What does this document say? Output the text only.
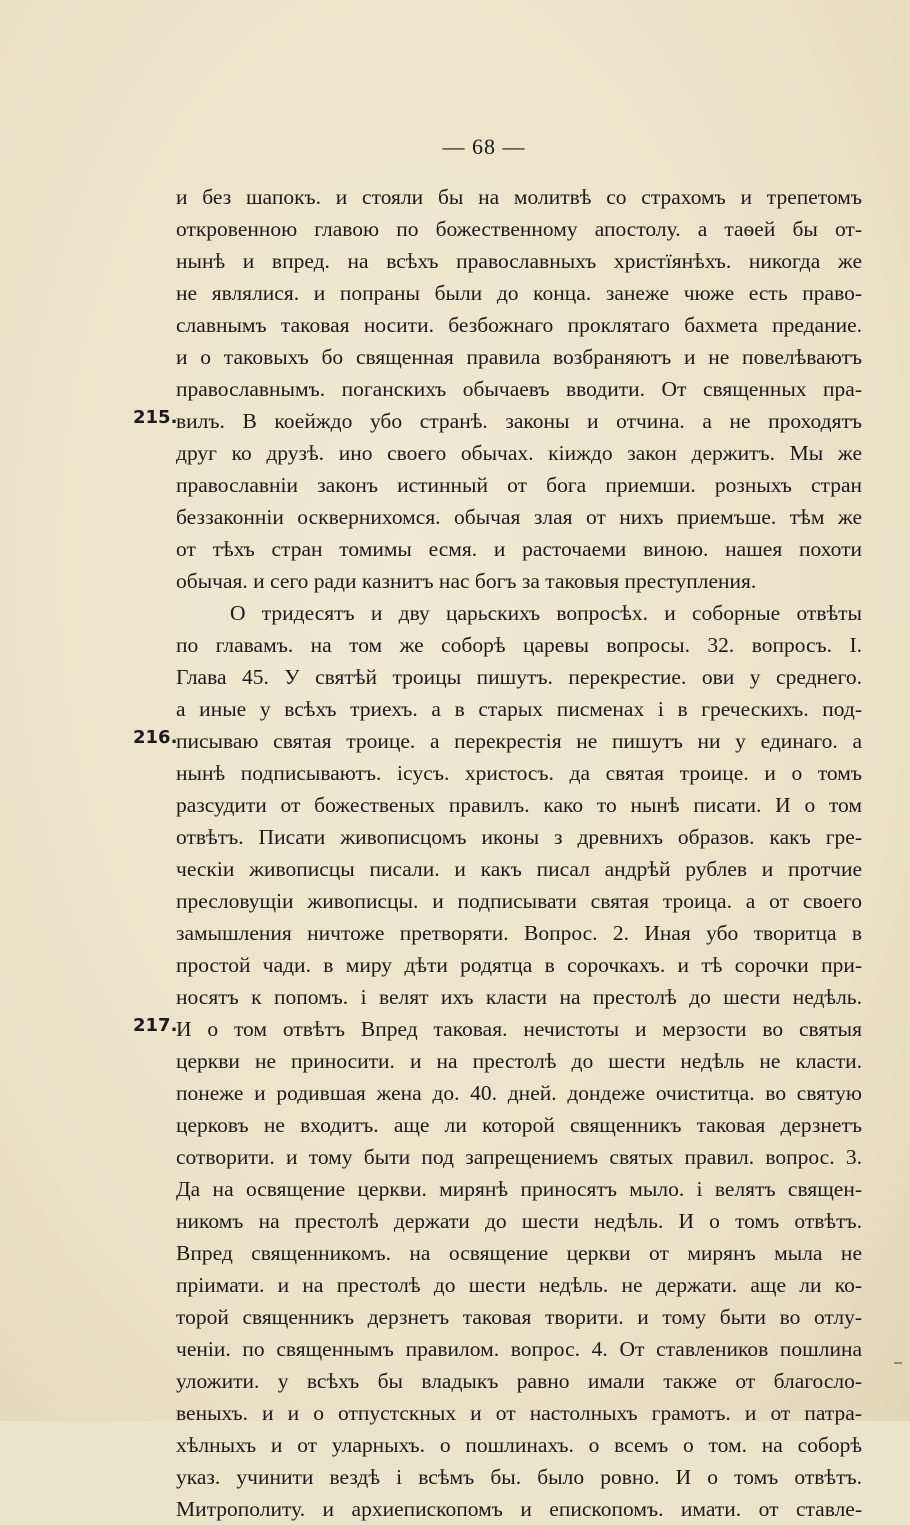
— 68 —
215.
216.
217.
и без шапокъ. и стояли бы на молитвѣ со страхомъ и трепетомъ
откровенною главою по божественному апостолу. а таѳей бы от-
нынѣ и впред. на всѣхъ православныхъ христїянѣхъ. никогда же
не являлися. и попраны были до конца. занеже чюже есть право-
славнымъ таковая носити. безбожнаго проклятаго бахмета предание.
и о таковыхъ бо священная правила возбраняютъ и не повелѣваютъ
православнымъ. поганскихъ обычаевъ вводити. От священных пра-
вилъ. В коейждо убо странѣ. законы и отчина. а не проходятъ
друг ко друзѣ. ино своего обычах. кiиждо закон держитъ. Мы же
православнiи законъ истинный от бога приемши. розныхъ стран
беззаконнiи осквернихомся. обычая злая от нихъ приемъше. тѣм же
от тѣхъ стран томимы есмя. и расточаеми виною. нашея похоти
обычая. и сего ради казнитъ нас богъ за таковыя преступления.
О тридесятъ и дву царьскихъ вопросѣх. и соборные отвѣты
по главамъ. на том же соборѣ царевы вопросы. 32. вопросъ. I.
Глава 45. У святѣй троицы пишутъ. перекрестие. ови у среднего.
а иные у всѣхъ триехъ. а в старых писменах і в греческихъ. под-
писываю святая троице. а перекрестія не пишутъ ни у единаго. а
нынѣ подписываютъ. іcусъ. христосъ. да святая троице. и о томъ
разсудити от божественых правилъ. како то нынѣ писати. И о том
отвѣтъ. Писати живописцомъ иконы з древнихъ образов. какъ гре-
ческiи живописцы писали. и какъ писал андрѣй рублев и протчие
пресловущiи живописцы. и подписывати святая троица. а от своего
замышления ничтоже претворяти. Вопрос. 2. Иная убо творитца в
простой чади. в миру дѣти родятца в сорочкахъ. и тѣ сорочки при-
носятъ к попомъ. і велят ихъ класти на престолѣ до шести недѣль.
И о том отвѣтъ Впред таковая. нечистоты и мерзости во святыя
церкви не приносити. и на престолѣ до шести недѣль не класти.
понеже и родившая жена до. 40. дней. дондеже очиститца. во святую
церковъ не входитъ. аще ли которой священникъ таковая дерзнетъ
сотворити. и тому быти под запрещениемъ святых правил. вопрос. 3.
Да на освящение церкви. мирянѣ приносятъ мыло. і велятъ священ-
никомъ на престолѣ держати до шести недѣль. И о томъ отвѣтъ.
Впред священникомъ. на освящение церкви от мирянъ мыла не
прiимати. и на престолѣ до шести недѣль. не держати. аще ли ко-
торой священникъ дерзнетъ таковая творити. и тому быти во отлу-
ченiи. по священнымъ правилом. вопрос. 4. От ставлеников пошлина
уложити. у всѣхъ бы владыкъ равно имали также от благосло-
веныхъ. и и о отпустскных и от настолныхъ грамотъ. и от патра-
хѣлныхъ и от уларныхъ. о пошлинахъ. о всемъ о том. на соборѣ
указ. учинити вездѣ і всѣмъ бы. было ровно. И о томъ отвѣтъ.
Митрополиту. и архиепископомъ и епископомъ. имати. от ставле-
